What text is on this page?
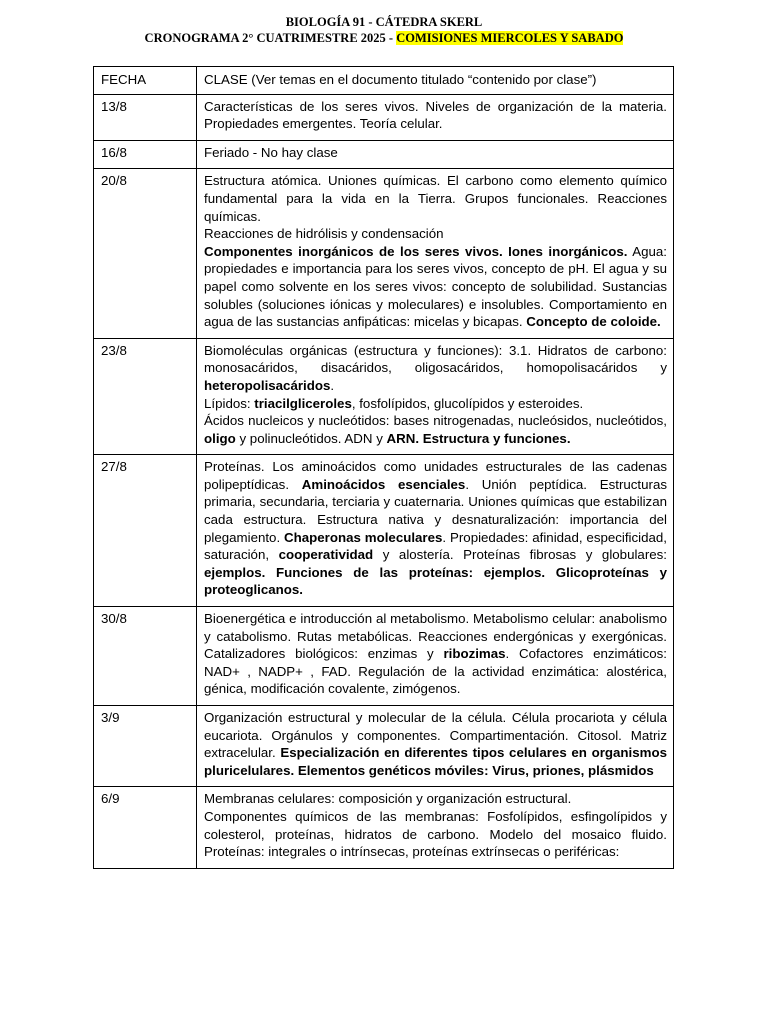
BIOLOGÍA 91 - CÁTEDRA SKERL
CRONOGRAMA 2° CUATRIMESTRE 2025 - COMISIONES MIERCOLES Y SABADO
FECHA	CLASE (Ver temas en el documento titulado “contenido por clase”)
13/8	Características de los seres vivos. Niveles de organización de la materia. Propiedades emergentes. Teoría celular.

16/8	Feriado - No hay clase

20/8	Estructura atómica. Uniones químicas. El carbono como elemento químico fundamental para la vida en la Tierra. Grupos funcionales. Reacciones químicas.
Reacciones de hidrólisis y condensación
Componentes inorgánicos de los seres vivos. Iones inorgánicos. Agua: propiedades e importancia para los seres vivos, concepto de pH. El agua y su papel como solvente en los seres vivos: concepto de solubilidad. Sustancias solubles (soluciones iónicas y moleculares) e insolubles. Comportamiento en agua de las sustancias anfipáticas: micelas y bicapas. Concepto de coloide.

23/8	Biomoléculas orgánicas (estructura y funciones): 3.1. Hidratos de carbono: monosacáridos, disacáridos, oligosacáridos, homopolisacáridos y heteropolisacáridos.
Lípidos: triacilgliceroles, fosfolípidos, glucolípidos y esteroides.
Ácidos nucleicos y nucleótidos: bases nitrogenadas, nucleósidos, nucleótidos, oligo y polinucleótidos. ADN y ARN. Estructura y funciones.

27/8	Proteínas. Los aminoácidos como unidades estructurales de las cadenas polipeptídicas. Aminoácidos esenciales. Unión peptídica. Estructuras primaria, secundaria, terciaria y cuaternaria. Uniones químicas que estabilizan cada estructura. Estructura nativa y desnaturalización: importancia del plegamiento. Chaperonas moleculares. Propiedades: afinidad, especificidad, saturación, cooperatividad y alostería. Proteínas fibrosas y globulares: ejemplos. Funciones de las proteínas: ejemplos. Glicoproteínas y proteoglicanos.

30/8	Bioenergética e introducción al metabolismo. Metabolismo celular: anabolismo y catabolismo. Rutas metabólicas. Reacciones endergónicas y exergónicas. Catalizadores biológicos: enzimas y ribozimas. Cofactores enzimáticos: NAD+ , NADP+ , FAD. Regulación de la actividad enzimática: alostérica, génica, modificación covalente, zimógenos.

3/9	Organización estructural y molecular de la célula. Célula procariota y célula eucariota. Orgánulos y componentes. Compartimentación. Citosol. Matriz extracelular. Especialización en diferentes tipos celulares en organismos pluricelulares. Elementos genéticos móviles: Virus, priones, plásmidos

6/9	Membranas celulares: composición y organización estructural.
Componentes químicos de las membranas: Fosfolípidos, esfingolípidos y colesterol, proteínas, hidratos de carbono. Modelo del mosaico fluido. Proteínas: integrales o intrínsecas, proteínas extrínsecas o periféricas:
